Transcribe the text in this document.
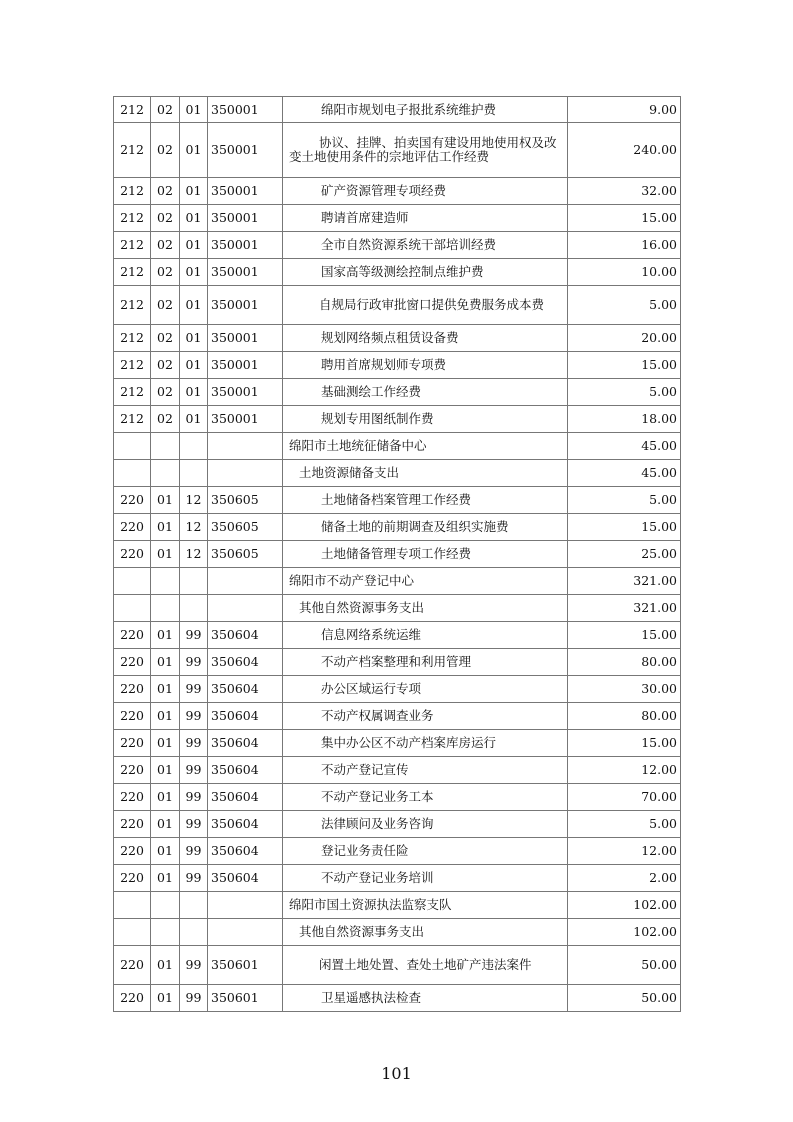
212	02	01	350001	绵阳市规划电子报批系统维护费	9.00
212	02	01	350001	协议、挂牌、拍卖国有建设用地使用权及改变土地使用条件的宗地评估工作经费	240.00
212	02	01	350001	矿产资源管理专项经费	32.00
212	02	01	350001	聘请首席建造师	15.00
212	02	01	350001	全市自然资源系统干部培训经费	16.00
212	02	01	350001	国家高等级测绘控制点维护费	10.00
212	02	01	350001	自规局行政审批窗口提供免费服务成本费	5.00
212	02	01	350001	规划网络频点租赁设备费	20.00
212	02	01	350001	聘用首席规划师专项费	15.00
212	02	01	350001	基础测绘工作经费	5.00
212	02	01	350001	规划专用图纸制作费	18.00
				绵阳市土地统征储备中心	45.00
				土地资源储备支出	45.00
220	01	12	350605	土地储备档案管理工作经费	5.00
220	01	12	350605	储备土地的前期调查及组织实施费	15.00
220	01	12	350605	土地储备管理专项工作经费	25.00
				绵阳市不动产登记中心	321.00
				其他自然资源事务支出	321.00
220	01	99	350604	信息网络系统运维	15.00
220	01	99	350604	不动产档案整理和利用管理	80.00
220	01	99	350604	办公区域运行专项	30.00
220	01	99	350604	不动产权属调查业务	80.00
220	01	99	350604	集中办公区不动产档案库房运行	15.00
220	01	99	350604	不动产登记宣传	12.00
220	01	99	350604	不动产登记业务工本	70.00
220	01	99	350604	法律顾问及业务咨询	5.00
220	01	99	350604	登记业务责任险	12.00
220	01	99	350604	不动产登记业务培训	2.00
				绵阳市国土资源执法监察支队	102.00
				其他自然资源事务支出	102.00
220	01	99	350601	闲置土地处置、查处土地矿产违法案件	50.00
220	01	99	350601	卫星遥感执法检查	50.00
101
